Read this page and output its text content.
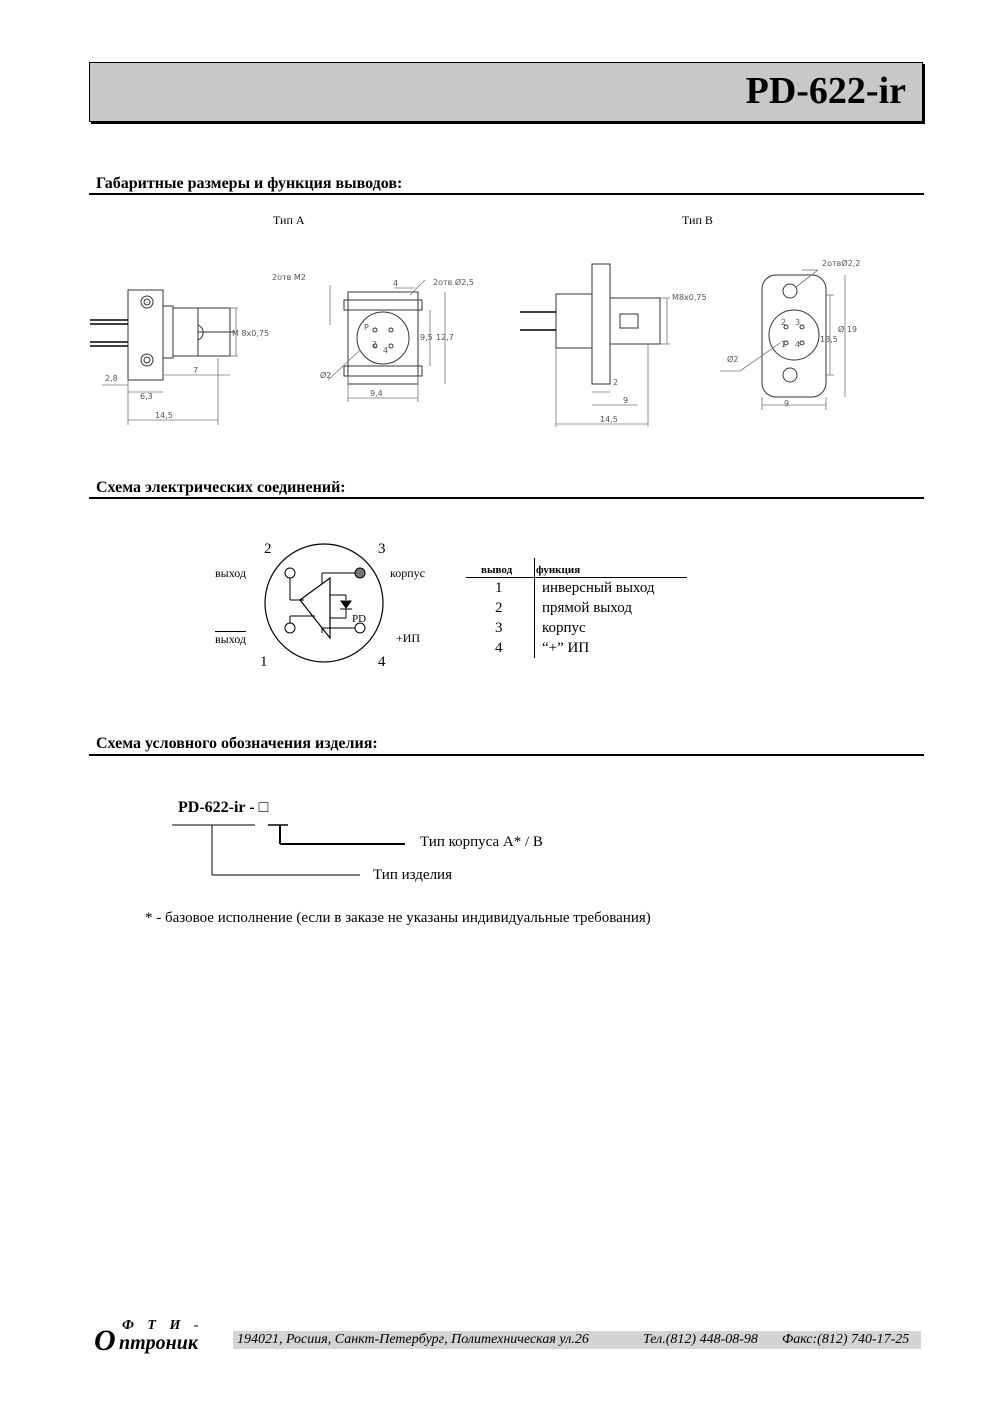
PD-622-ir
Габаритные размеры и функция выводов:
Тип А	Тип В
М 8х0,75
2,8
6,3
7
14,5
2отв М2
4	2отв Ø2,5
9,5 12,7
9,4
Ø2
P
2
4
М8х0,75
2
9
14,5
2отвØ2,2
13,5
Ø 19
Ø2
9
2 3
1 4
Схема электрических соединений:
2	3
1	4
выход
выход
корпус
+ИП
PD
вывод функция
1	инверсный выход
2	прямой выход
3	корпус
4	“+” ИП
Схема условного обозначения изделия:
PD-622-ir - □
Тип корпуса А* / В
Тип изделия
* - базовое исполнение (если в заказе не указаны индивидуальные требования)
О Ф Т И -
птроник	194021, Росиия, Санкт-Петербург, Политехническая ул.26	Тел.(812) 448-08-98 Факс:(812) 740-17-25
